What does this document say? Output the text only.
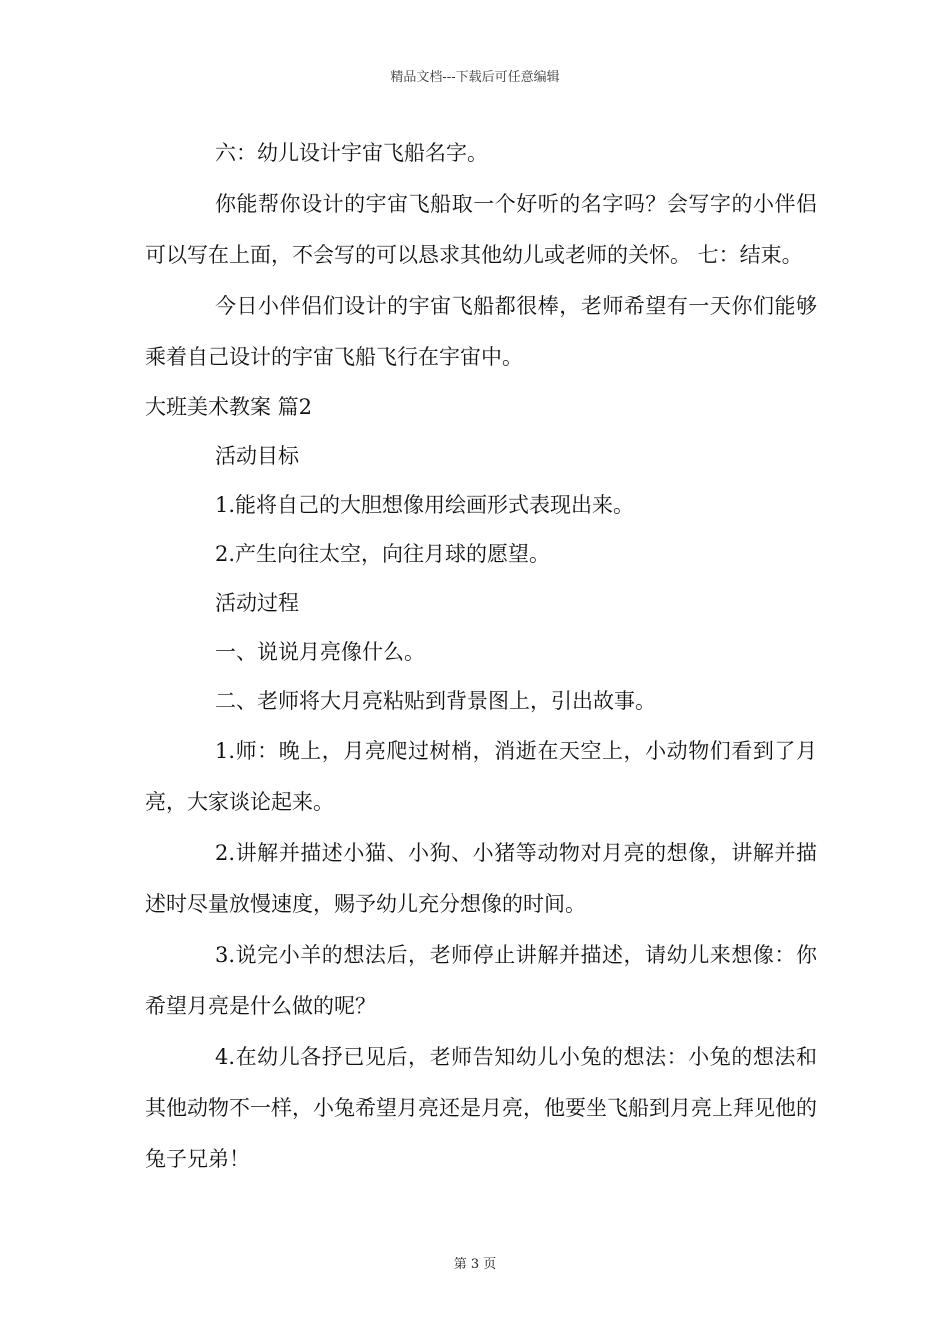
精品文档---下载后可任意编辑

六：幼儿设计宇宙飞船名字。

你能帮你设计的宇宙飞船取一个好听的名字吗？会写字的小伴侣可以写在上面，不会写的可以恳求其他幼儿或老师的关怀。 七：结束。

今日小伴侣们设计的宇宙飞船都很棒，老师希望有一天你们能够乘着自己设计的宇宙飞船飞行在宇宙中。

大班美术教案 篇2

活动目标

1.能将自己的大胆想像用绘画形式表现出来。

2.产生向往太空，向往月球的愿望。

活动过程

一、说说月亮像什么。

二、老师将大月亮粘贴到背景图上，引出故事。

1.师：晚上，月亮爬过树梢，消逝在天空上，小动物们看到了月亮，大家谈论起来。

2.讲解并描述小猫、小狗、小猪等动物对月亮的想像，讲解并描述时尽量放慢速度，赐予幼儿充分想像的时间。

3.说完小羊的想法后，老师停止讲解并描述，请幼儿来想像：你希望月亮是什么做的呢？

4.在幼儿各抒已见后，老师告知幼儿小兔的想法：小兔的想法和其他动物不一样，小兔希望月亮还是月亮，他要坐飞船到月亮上拜见他的兔子兄弟！

第 3 页
